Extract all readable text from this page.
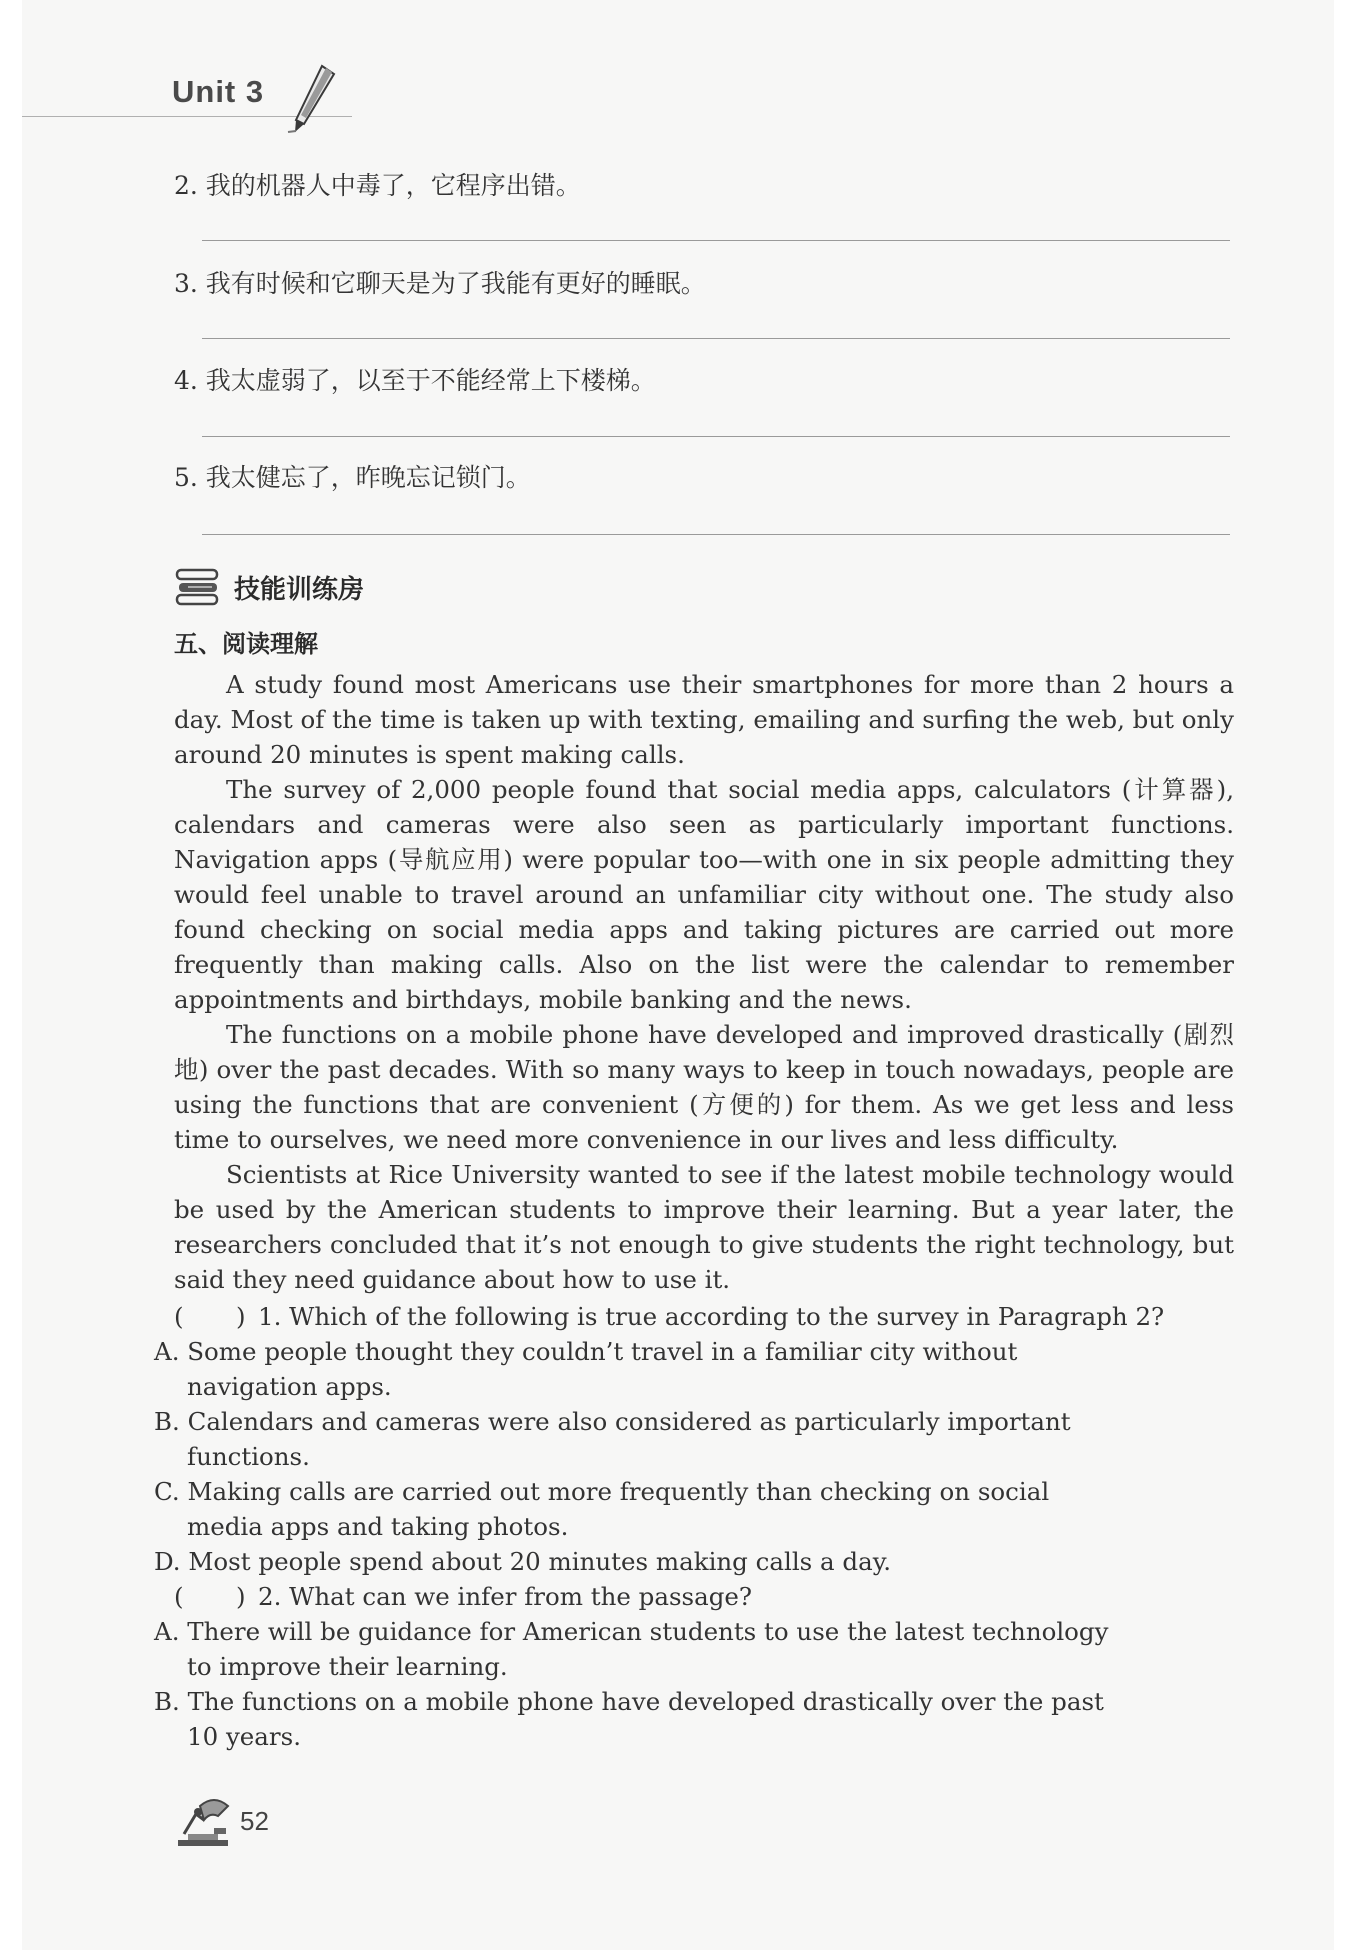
Unit 3
2. 我的机器人中毒了，它程序出错。
3. 我有时候和它聊天是为了我能有更好的睡眠。
4. 我太虚弱了，以至于不能经常上下楼梯。
5. 我太健忘了，昨晚忘记锁门。
技能训练房
五、阅读理解

A study found most Americans use their smartphones for more than 2 hours a day. Most of the time is taken up with texting, emailing and surfing the web, but only around 20 minutes is spent making calls.

The survey of 2,000 people found that social media apps, calculators (计算器), calendars and cameras were also seen as particularly important functions. Navigation apps (导航应用) were popular too—with one in six people admitting they would feel unable to travel around an unfamiliar city without one. The study also found checking on social media apps and taking pictures are carried out more frequently than making calls. Also on the list were the calendar to remember appointments and birthdays, mobile banking and the news.

The functions on a mobile phone have developed and improved drastically (剧烈地) over the past decades. With so many ways to keep in touch nowadays, people are using the functions that are convenient (方便的) for them. As we get less and less time to ourselves, we need more convenience in our lives and less difficulty.

Scientists at Rice University wanted to see if the latest mobile technology would be used by the American students to improve their learning. But a year later, the researchers concluded that it’s not enough to give students the right technology, but said they need guidance about how to use it.

( ) 1. Which of the following is true according to the survey in Paragraph 2?
A. Some people thought they couldn’t travel in a familiar city without navigation apps.
B. Calendars and cameras were also considered as particularly important functions.
C. Making calls are carried out more frequently than checking on social media apps and taking photos.
D. Most people spend about 20 minutes making calls a day.
( ) 2. What can we infer from the passage?
A. There will be guidance for American students to use the latest technology to improve their learning.
B. The functions on a mobile phone have developed drastically over the past 10 years.
52
